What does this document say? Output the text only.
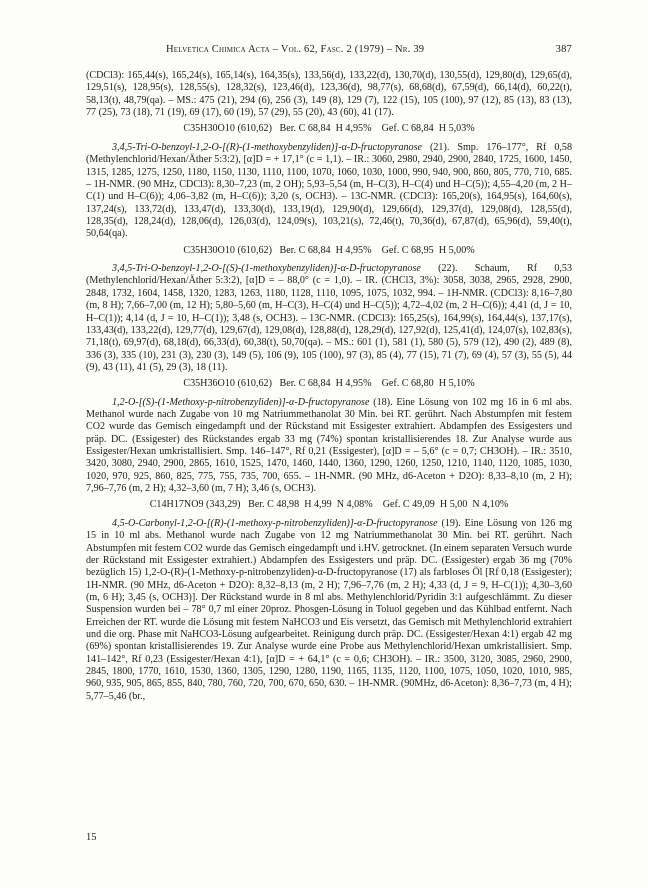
Helvetica Chimica Acta – Vol. 62, Fasc. 2 (1979) – Nr. 39	387

(CDCl3): 165,44(s), 165,24(s), 165,14(s), 164,35(s), 133,56(d), 133,22(d), 130,70(d), 130,55(d), 129,80(d), 129,65(d), 129,51(s), 128,95(s), 128,55(s), 128,32(s), 123,46(d), 123,36(d), 98,77(s), 68,68(d), 67,59(d), 66,14(d), 60,22(t), 58,13(t), 48,79(qa). – MS.: 475 (21), 294 (6), 256 (3), 149 (8), 129 (7), 122 (15), 105 (100), 97 (12), 85 (13), 83 (13), 77 (25), 73 (18), 71 (19), 69 (17), 60 (19), 57 (29), 55 (20), 43 (60), 41 (17).

C35H30O10 (610,62)   Ber. C 68,84  H 4,95%    Gef. C 68,84  H 5,03%

3,4,5-Tri-O-benzoyl-1,2-O-[(R)-(1-methoxybenzyliden)]-α-D-fructopyranose (21). Smp. 176–177°, Rf 0,58 (Methylenchlorid/Hexan/Äther 5:3:2), [α]D = + 17,1° (c = 1,1). – IR.: 3060, 2980, 2940, 2900, 2840, 1725, 1600, 1450, 1315, 1285, 1275, 1250, 1180, 1150, 1130, 1110, 1100, 1070, 1060, 1030, 1000, 990, 940, 900, 860, 805, 770, 710, 685. – 1H-NMR. (90 MHz, CDCl3): 8,30–7,23 (m, 2 OH); 5,93–5,54 (m, H–C(3), H–C(4) und H–C(5)); 4,55–4,20 (m, 2 H–C(1) und H–C(6)); 4,06–3,82 (m, H–C(6)); 3,20 (s, OCH3). – 13C-NMR. (CDCl3): 165,20(s), 164,95(s), 164,60(s), 137,24(s), 133,72(d), 133,47(d), 133,30(d), 133,19(d), 129,90(d), 129,66(d), 129,37(d), 129,08(d), 128,55(d), 128,35(d), 128,24(d), 128,06(d), 126,03(d), 124,09(s), 103,21(s), 72,46(t), 70,36(d), 67,87(d), 65,96(d), 59,40(t), 50,64(qa).

C35H30O10 (610,62)   Ber. C 68,84  H 4,95%    Gef. C 68,95  H 5,00%

3,4,5-Tri-O-benzoyl-1,2-O-[(S)-(1-methoxybenzyliden)]-α-D-fructopyranose (22). Schaum, Rf 0,53 (Methylenchlorid/Hexan/Äther 5:3:2), [α]D = – 88,0° (c = 1,0). – IR. (CHCl3, 3%): 3058, 3038, 2965, 2928, 2900, 2848, 1732, 1604, 1458, 1320, 1283, 1263, 1180, 1128, 1110, 1095, 1075, 1032, 994. – 1H-NMR. (CDCl3): 8,16–7,80 (m, 8 H); 7,66–7,00 (m, 12 H); 5,80–5,60 (m, H–C(3), H–C(4) und H–C(5)); 4,72–4,02 (m, 2 H–C(6)); 4,41 (d, J = 10, H–C(1)); 4,14 (d, J = 10, H–C(1)); 3,48 (s, OCH3). – 13C-NMR. (CDCl3): 165,25(s), 164,99(s), 164,44(s), 137,17(s), 133,43(d), 133,22(d), 129,77(d), 129,67(d), 129,08(d), 128,88(d), 128,29(d), 127,92(d), 125,41(d), 124,07(s), 102,83(s), 71,18(t), 69,97(d), 68,18(d), 66,33(d), 60,38(t), 50,70(qa). – MS.: 601 (1), 581 (1), 580 (5), 579 (12), 490 (2), 489 (8), 336 (3), 335 (10), 231 (3), 230 (3), 149 (5), 106 (9), 105 (100), 97 (3), 85 (4), 77 (15), 71 (7), 69 (4), 57 (3), 55 (5), 44 (9), 43 (11), 41 (5), 29 (3), 18 (11).

C35H36O10 (610,62)   Ber. C 68,84  H 4,95%    Gef. C 68,80  H 5,10%

1,2-O-[(S)-(1-Methoxy-p-nitrobenzyliden)]-α-D-fructopyranose (18). Eine Lösung von 102 mg 16 in 6 ml abs. Methanol wurde nach Zugabe von 10 mg Natriummethanolat 30 Min. bei RT. gerührt. Nach Abstumpfen mit festem CO2 wurde das Gemisch eingedampft und der Rückstand mit Essigester extrahiert. Abdampfen des Essigesters und präp. DC. (Essigester) des Rückstandes ergab 33 mg (74%) spontan kristallisierendes 18. Zur Analyse wurde aus Essigester/Hexan umkristallisiert. Smp. 146–147°, Rf 0,21 (Essigester), [α]D = – 5,6° (c = 0,7; CH3OH). – IR.: 3510, 3420, 3080, 2940, 2900, 2865, 1610, 1525, 1470, 1460, 1440, 1360, 1290, 1260, 1250, 1210, 1140, 1120, 1085, 1030, 1020, 970, 925, 860, 825, 775, 755, 735, 700, 655. – 1H-NMR. (90 MHz, d6-Aceton + D2O): 8,33–8,10 (m, 2 H); 7,96–7,76 (m, 2 H); 4,32–3,60 (m, 7 H); 3,46 (s, OCH3).

C14H17NO9 (343,29)   Ber. C 48,98  H 4,99  N 4,08%    Gef. C 49,09  H 5,00  N 4,10%

4,5-O-Carbonyl-1,2-O-[(R)-(1-methoxy-p-nitrobenzyliden)]-α-D-fructopyranose (19). Eine Lösung von 126 mg 15 in 10 ml abs. Methanol wurde nach Zugabe von 12 mg Natriummethanolat 30 Min. bei RT. gerührt. Nach Abstumpfen mit festem CO2 wurde das Gemisch eingedampft und i.HV. getrocknet. (In einem separaten Versuch wurde der Rückstand mit Essigester extrahiert.) Abdampfen des Essigesters und präp. DC. (Essigester) ergab 36 mg (70% bezüglich 15) 1,2-O-(R)-(1-Methoxy-p-nitrobenzyliden)-α-D-fructopyranose (17) als farbloses Öl [Rf 0,18 (Essigester); 1H-NMR. (90 MHz, d6-Aceton + D2O): 8,32–8,13 (m, 2 H); 7,96–7,76 (m, 2 H); 4,33 (d, J = 9, H–C(1)); 4,30–3,60 (m, 6 H); 3,45 (s, OCH3)]. Der Rückstand wurde in 8 ml abs. Methylenchlorid/Pyridin 3:1 aufgeschlämmt. Zu dieser Suspension wurden bei – 78° 0,7 ml einer 20proz. Phosgen-Lösung in Toluol gegeben und das Kühlbad entfernt. Nach Erreichen der RT. wurde die Lösung mit festem NaHCO3 und Eis versetzt, das Gemisch mit Methylenchlorid extrahiert und die org. Phase mit NaHCO3-Lösung aufgearbeitet. Reinigung durch präp. DC. (Essigester/Hexan 4:1) ergab 42 mg (69%) spontan kristallisierendes 19. Zur Analyse wurde eine Probe aus Methylenchlorid/Hexan umkristallisiert. Smp. 141–142°, Rf 0,23 (Essigester/Hexan 4:1), [α]D = + 64,1° (c = 0,6; CH3OH). – IR.: 3500, 3120, 3085, 2960, 2900, 2845, 1800, 1770, 1610, 1530, 1360, 1305, 1290, 1280, 1190, 1165, 1135, 1120, 1100, 1075, 1050, 1020, 1010, 985, 960, 935, 905, 865, 855, 840, 780, 760, 720, 700, 670, 650, 630. – 1H-NMR. (90MHz, d6-Aceton): 8,36–7,73 (m, 4 H); 5,77–5,46 (br.,

15
